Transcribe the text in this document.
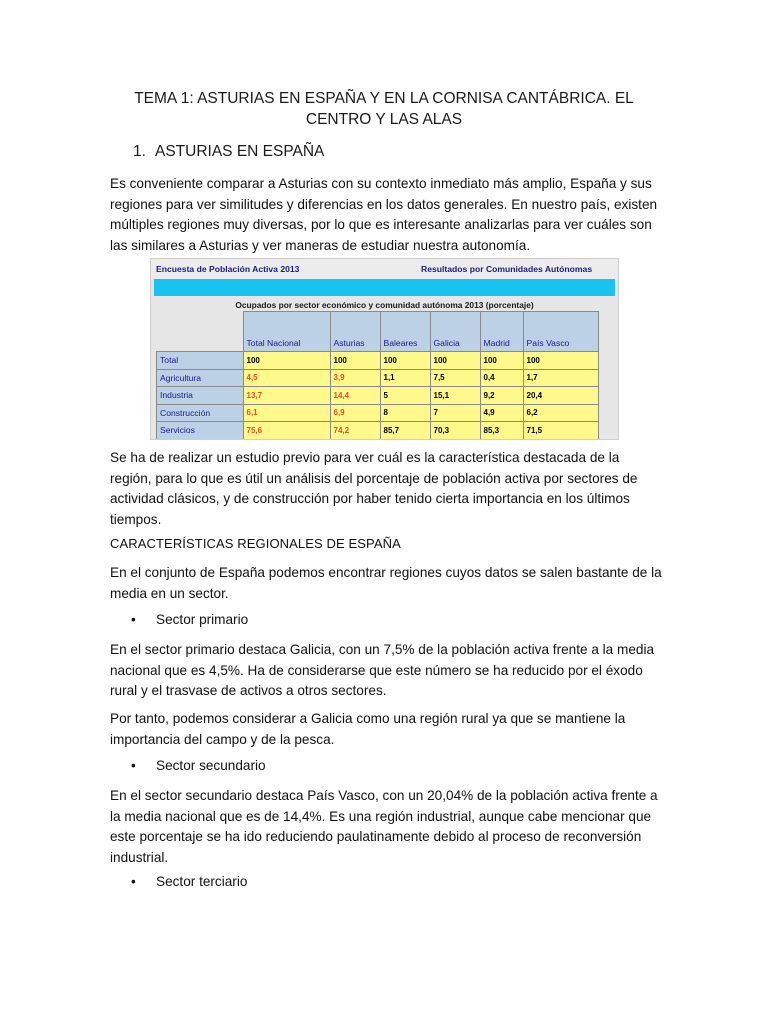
TEMA 1: ASTURIAS EN ESPAÑA Y EN LA CORNISA CANTÁBRICA. EL CENTRO Y LAS ALAS
1. ASTURIAS EN ESPAÑA
Es conveniente comparar a Asturias con su contexto inmediato más amplio, España y sus regiones para ver similitudes y diferencias en los datos generales. En nuestro país, existen múltiples regiones muy diversas, por lo que es interesante analizarlas para ver cuáles son las similares a Asturias y ver maneras de estudiar nuestra autonomía.
Encuesta de Población Activa 2013	Resultados por Comunidades Autónomas
Ocupados por sector económico y comunidad autónoma 2013 (porcentaje)
	Total Nacional	Asturias	Baleares	Galicia	Madrid	País Vasco
Total	100	100	100	100	100	100
Agricultura	4,5	3,9	1,1	7,5	0,4	1,7
Industria	13,7	14,4	5	15,1	9,2	20,4
Construcción	6,1	6,9	8	7	4,9	6,2
Servicios	75,6	74,2	85,7	70,3	85,3	71,5
Se ha de realizar un estudio previo para ver cuál es la característica destacada de la región, para lo que es útil un análisis del porcentaje de población activa por sectores de actividad clásicos, y de construcción por haber tenido cierta importancia en los últimos tiempos.
CARACTERÍSTICAS REGIONALES DE ESPAÑA
En el conjunto de España podemos encontrar regiones cuyos datos se salen bastante de la media en un sector.
• Sector primario
En el sector primario destaca Galicia, con un 7,5% de la población activa frente a la media nacional que es 4,5%. Ha de considerarse que este número se ha reducido por el éxodo rural y el trasvase de activos a otros sectores.
Por tanto, podemos considerar a Galicia como una región rural ya que se mantiene la importancia del campo y de la pesca.
• Sector secundario
En el sector secundario destaca País Vasco, con un 20,04% de la población activa frente a la media nacional que es de 14,4%. Es una región industrial, aunque cabe mencionar que este porcentaje se ha ido reduciendo paulatinamente debido al proceso de reconversión industrial.
• Sector terciario
